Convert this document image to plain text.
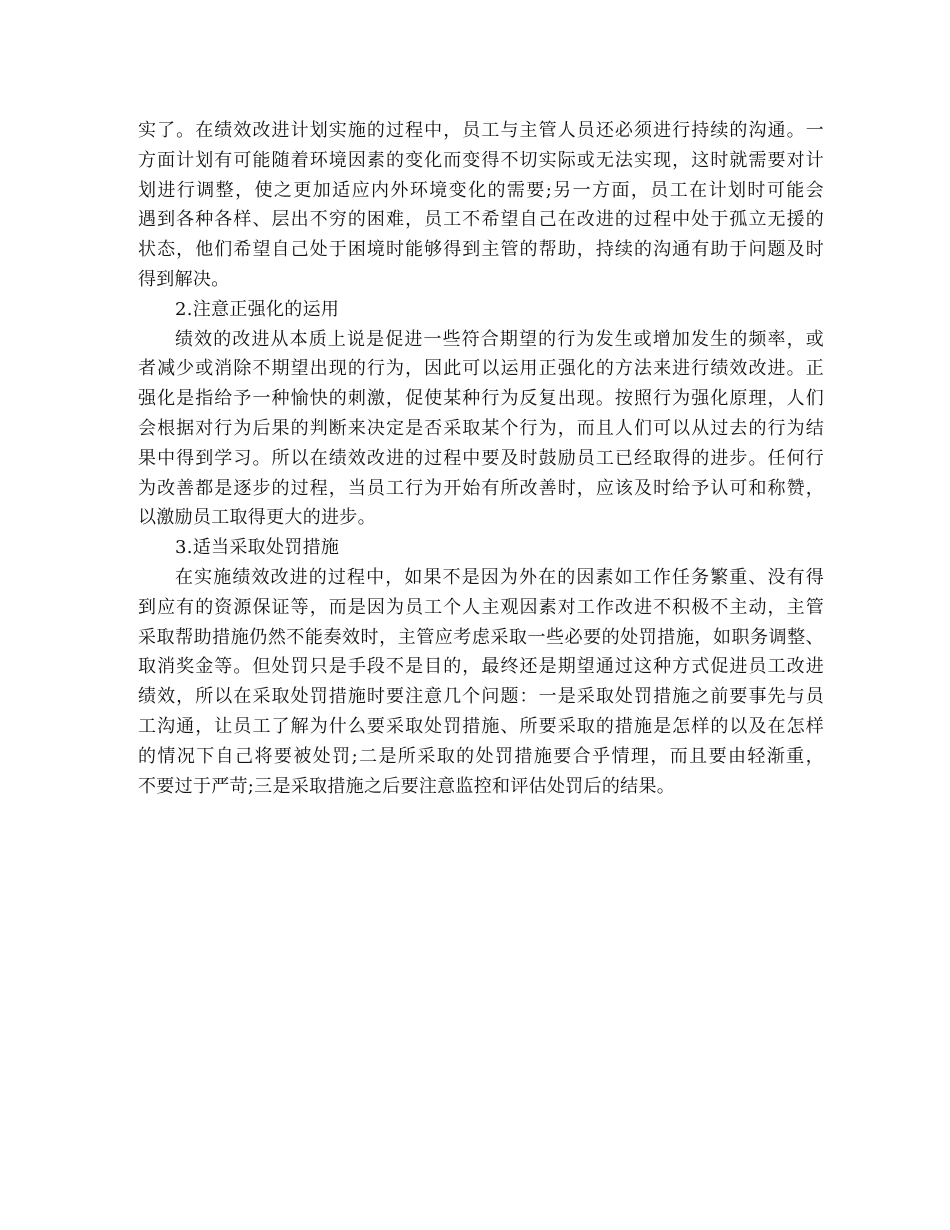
实了。在绩效改进计划实施的过程中，员工与主管人员还必须进行持续的沟通。一
方面计划有可能随着环境因素的变化而变得不切实际或无法实现，这时就需要对计
划进行调整，使之更加适应内外环境变化的需要;另一方面，员工在计划时可能会
遇到各种各样、层出不穷的困难，员工不希望自己在改进的过程中处于孤立无援的
状态，他们希望自己处于困境时能够得到主管的帮助，持续的沟通有助于问题及时
得到解决。
2.注意正强化的运用
绩效的改进从本质上说是促进一些符合期望的行为发生或增加发生的频率，或
者减少或消除不期望出现的行为，因此可以运用正强化的方法来进行绩效改进。正
强化是指给予一种愉快的刺激，促使某种行为反复出现。按照行为强化原理，人们
会根据对行为后果的判断来决定是否采取某个行为，而且人们可以从过去的行为结
果中得到学习。所以在绩效改进的过程中要及时鼓励员工已经取得的进步。任何行
为改善都是逐步的过程，当员工行为开始有所改善时，应该及时给予认可和称赞，
以激励员工取得更大的进步。
3.适当采取处罚措施
在实施绩效改进的过程中，如果不是因为外在的因素如工作任务繁重、没有得
到应有的资源保证等，而是因为员工个人主观因素对工作改进不积极不主动，主管
采取帮助措施仍然不能奏效时，主管应考虑采取一些必要的处罚措施，如职务调整、
取消奖金等。但处罚只是手段不是目的，最终还是期望通过这种方式促进员工改进
绩效，所以在采取处罚措施时要注意几个问题：一是采取处罚措施之前要事先与员
工沟通，让员工了解为什么要采取处罚措施、所要采取的措施是怎样的以及在怎样
的情况下自己将要被处罚;二是所采取的处罚措施要合乎情理，而且要由轻渐重，
不要过于严苛;三是采取措施之后要注意监控和评估处罚后的结果。
